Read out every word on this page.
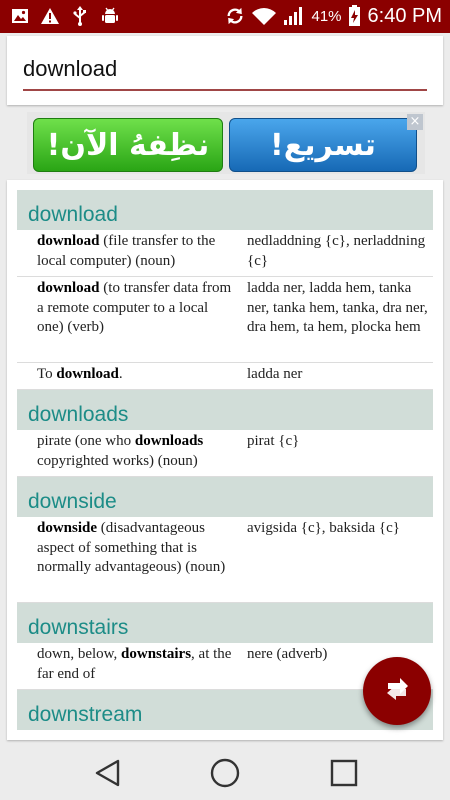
41% 6:40 PM
download
نظِفهُ الآن! تسريع!
×
download
download (file transfer to the local computer) (noun)
nedladdning {c}, nerladdning {c}
download (to transfer data from a remote computer to a local one) (verb)
ladda ner, ladda hem, tanka ner, tanka hem, tanka, dra ner, dra hem, ta hem, plocka hem
To download.	ladda ner
downloads
pirate (one who downloads copyrighted works) (noun)
pirat {c}
downside
downside (disadvantageous aspect of something that is normally advantageous) (noun)
avigsida {c}, baksida {c}
downstairs
down, below, downstairs, at the far end of
nere (adverb)
downstream
